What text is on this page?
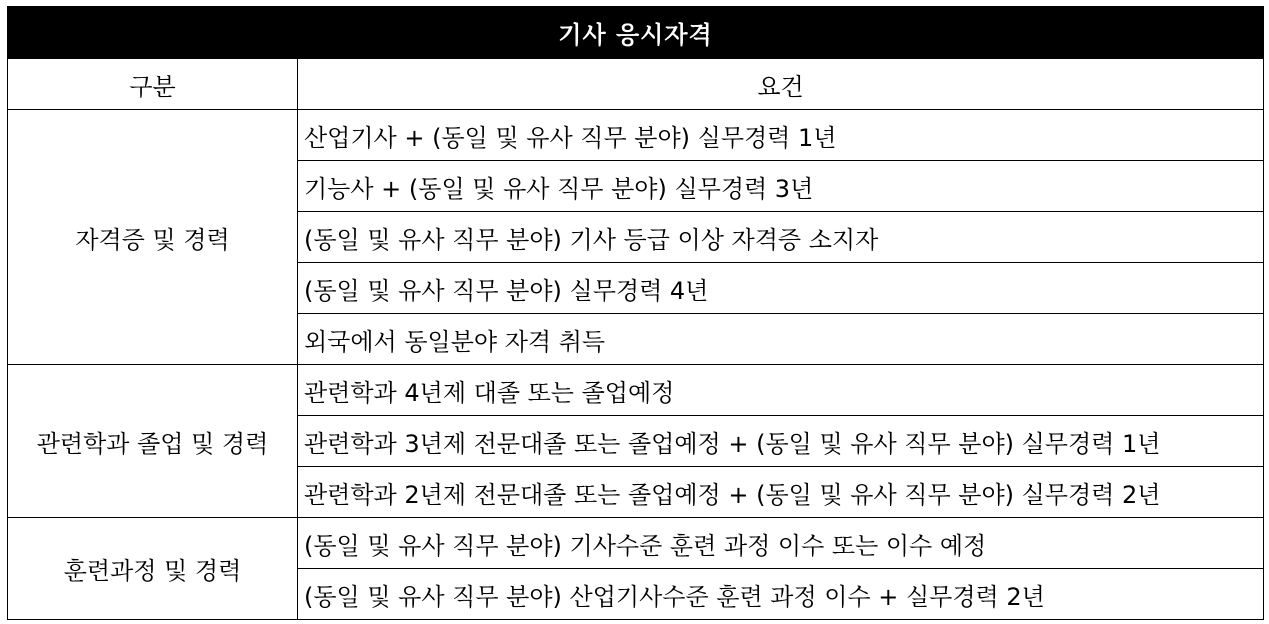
기사 응시자격	
구분	요건
자격증 및 경력	산업기사 + (동일 및 유사 직무 분야) 실무경력 1년
	기능사 + (동일 및 유사 직무 분야) 실무경력 3년
	(동일 및 유사 직무 분야) 기사 등급 이상 자격증 소지자
	(동일 및 유사 직무 분야) 실무경력 4년
	외국에서 동일분야 자격 취득
관련학과 졸업 및 경력	관련학과 4년제 대졸 또는 졸업예정
	관련학과 3년제 전문대졸 또는 졸업예정 + (동일 및 유사 직무 분야) 실무경력 1년
	관련학과 2년제 전문대졸 또는 졸업예정 + (동일 및 유사 직무 분야) 실무경력 2년
훈련과정 및 경력	(동일 및 유사 직무 분야) 기사수준 훈련 과정 이수 또는 이수 예정
	(동일 및 유사 직무 분야) 산업기사수준 훈련 과정 이수 + 실무경력 2년
